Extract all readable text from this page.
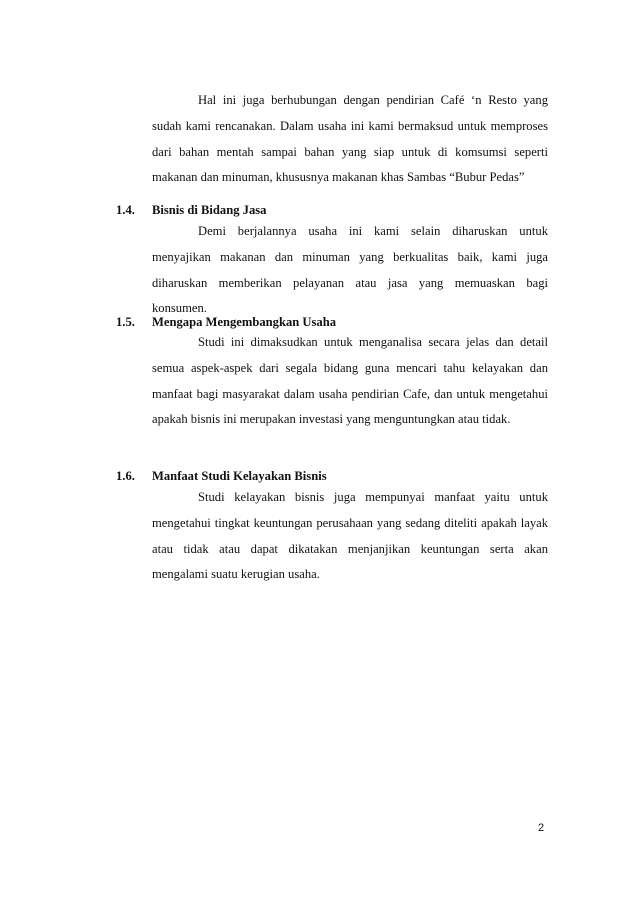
Hal ini juga berhubungan dengan pendirian Café ‘n Resto yang sudah kami rencanakan. Dalam usaha ini kami bermaksud untuk memproses dari bahan mentah sampai bahan yang siap untuk di komsumsi seperti makanan dan minuman, khususnya makanan khas Sambas “Bubur Pedas”

1.4. Bisnis di Bidang Jasa

Demi berjalannya usaha ini kami selain diharuskan untuk menyajikan makanan dan minuman yang berkualitas baik, kami juga diharuskan memberikan pelayanan atau jasa yang memuaskan bagi konsumen.

1.5. Mengapa Mengembangkan Usaha

Studi ini dimaksudkan untuk menganalisa secara jelas dan detail semua aspek-aspek dari segala bidang guna mencari tahu kelayakan dan manfaat bagi masyarakat dalam usaha pendirian Cafe, dan untuk mengetahui apakah bisnis ini merupakan investasi yang menguntungkan atau tidak.

1.6. Manfaat Studi Kelayakan Bisnis

Studi kelayakan bisnis juga mempunyai manfaat yaitu untuk mengetahui tingkat keuntungan perusahaan yang sedang diteliti apakah layak atau tidak atau dapat dikatakan menjanjikan keuntungan serta akan mengalami suatu kerugian usaha.

2
